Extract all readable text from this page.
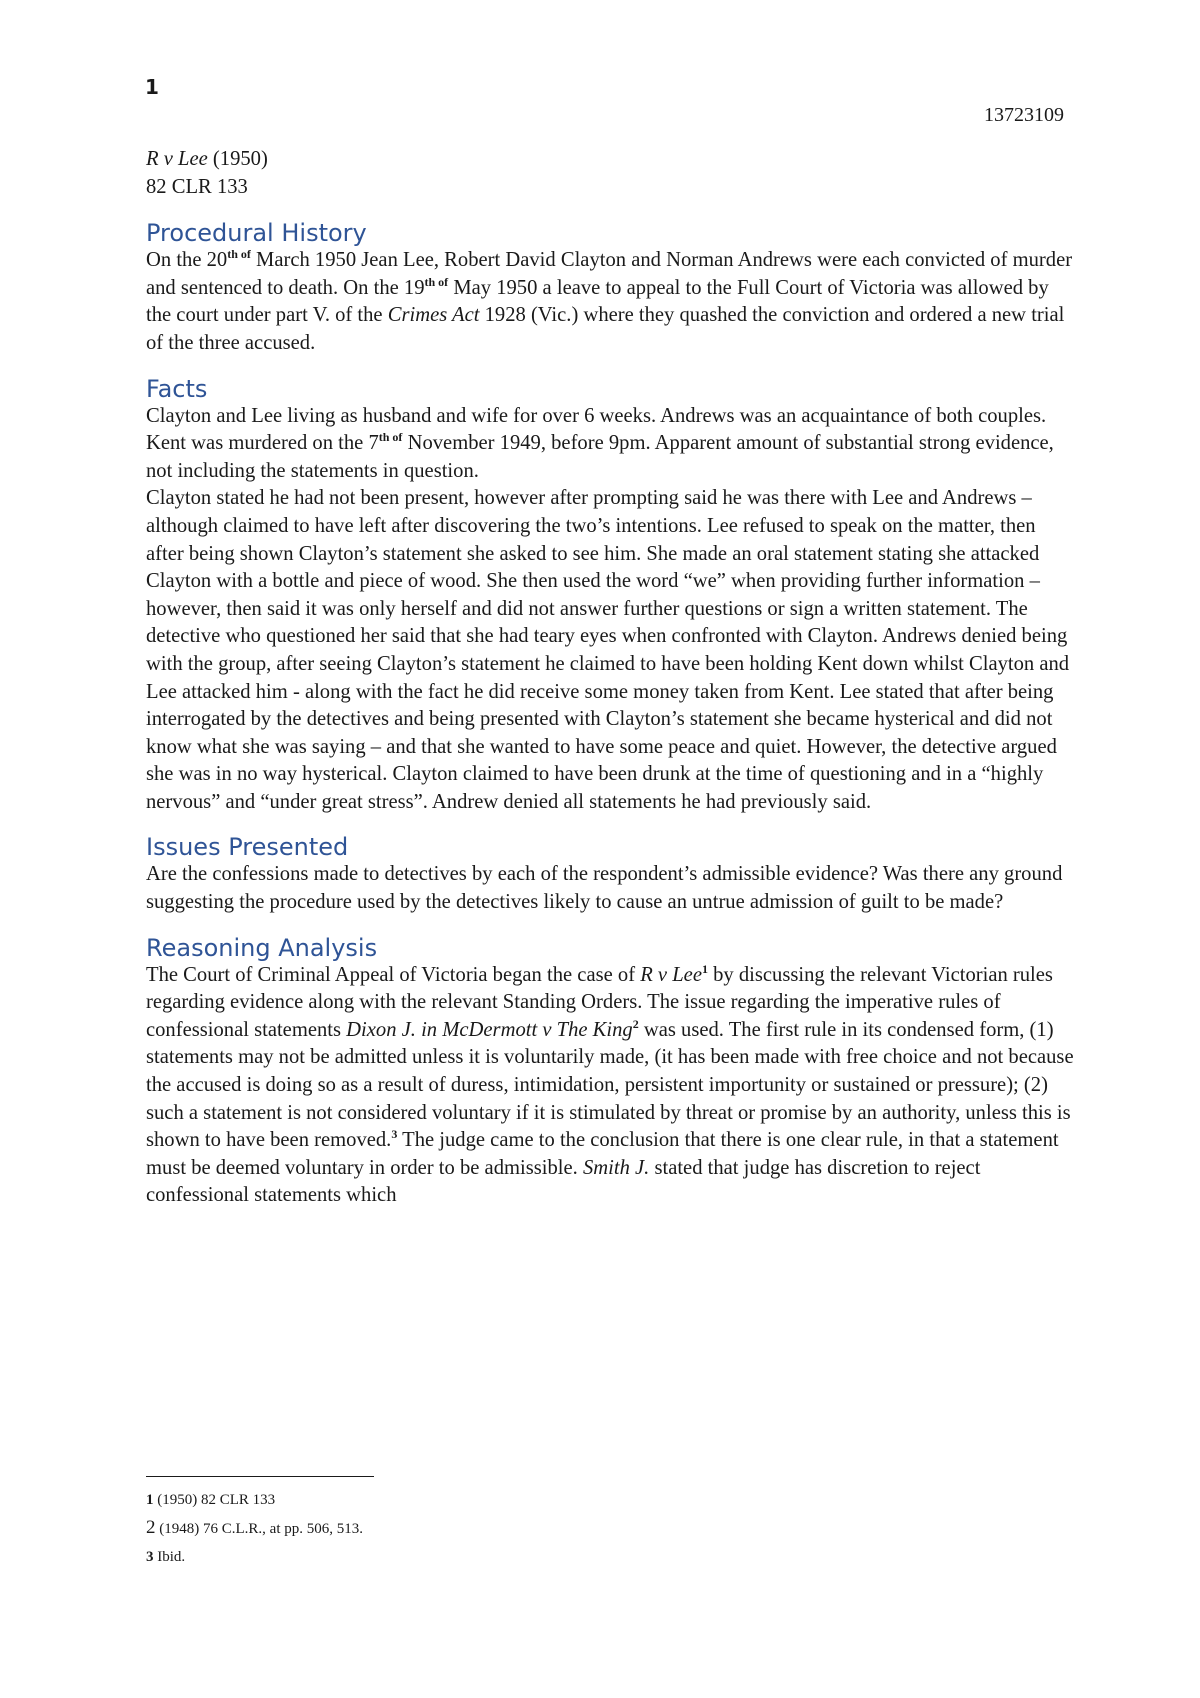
1
13723109

R v Lee (1950)

82 CLR 133

Procedural History

On the $20^{th of}$ March 1950 Jean Lee, Robert David Clayton and Norman Andrews were each convicted of murder and sentenced to death. On the $19^{th of}$ May 1950 a leave to appeal to the Full Court of Victoria was allowed by the court under part V. of the Crimes Act 1928 (Vic.) where they quashed the conviction and ordered a new trial of the three accused.

Facts

Clayton and Lee living as husband and wife for over 6 weeks. Andrews was an acquaintance of both couples. Kent was murdered on the $7^{th of}$ November 1949, before 9pm. Apparent amount of substantial strong evidence, not including the statements in question.

Clayton stated he had not been present, however after prompting said he was there with Lee and Andrews – although claimed to have left after discovering the two’s intentions. Lee refused to speak on the matter, then after being shown Clayton’s statement she asked to see him. She made an oral statement stating she attacked Clayton with a bottle and piece of wood. She then used the word “we” when providing further information – however, then said it was only herself and did not answer further questions or sign a written statement. The detective who questioned her said that she had teary eyes when confronted with Clayton. Andrews denied being with the group, after seeing Clayton’s statement he claimed to have been holding Kent down whilst Clayton and Lee attacked him - along with the fact he did receive some money taken from Kent. Lee stated that after being interrogated by the detectives and being presented with Clayton’s statement she became hysterical and did not know what she was saying – and that she wanted to have some peace and quiet. However, the detective argued she was in no way hysterical. Clayton claimed to have been drunk at the time of questioning and in a “highly nervous” and “under great stress”. Andrew denied all statements he had previously said.

Issues Presented

Are the confessions made to detectives by each of the respondent’s admissible evidence? Was there any ground suggesting the procedure used by the detectives likely to cause an untrue admission of guilt to be made?

Reasoning Analysis

The Court of Criminal Appeal of Victoria began the case of R v Lee$^1$ by discussing the relevant Victorian rules regarding evidence along with the relevant Standing Orders. The issue regarding the imperative rules of confessional statements Dixon J. in McDermott v The King$^2$ was used. The first rule in its condensed form, (1) statements may not be admitted unless it is voluntarily made, (it has been made with free choice and not because the accused is doing so as a result of duress, intimidation, persistent importunity or sustained or pressure); (2) such a statement is not considered voluntary if it is stimulated by threat or promise by an authority, unless this is shown to have been removed.$^3$ The judge came to the conclusion that there is one clear rule, in that a statement must be deemed voluntary in order to be admissible. Smith J. stated that judge has discretion to reject confessional statements which

1 (1950) 82 CLR 133
2 (1948) 76 C.L.R., at pp. 506, 513.
3 Ibid.
